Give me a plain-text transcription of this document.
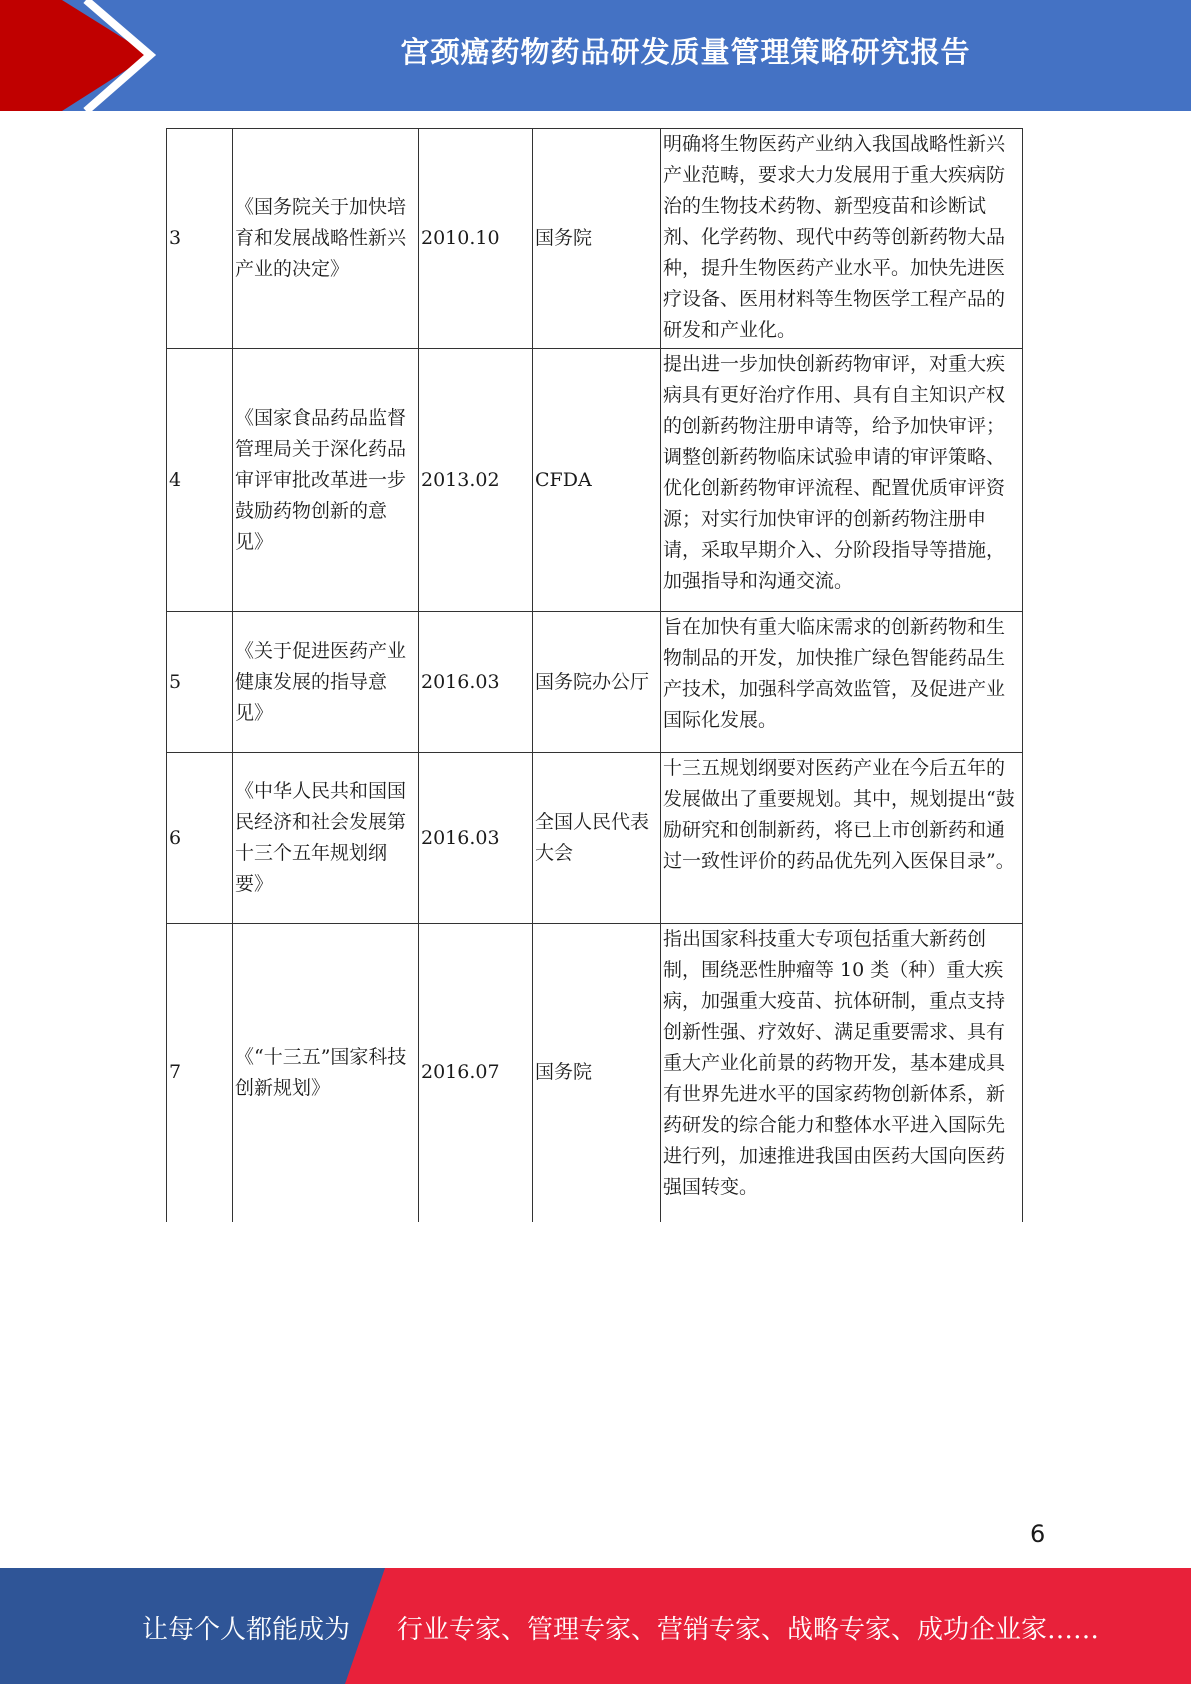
宫颈癌药物药品研发质量管理策略研究报告
3	《国务院关于加快培育和发展战略性新兴产业的决定》	2010.10	国务院	明确将生物医药产业纳入我国战略性新兴产业范畴，要求大力发展用于重大疾病防治的生物技术药物、新型疫苗和诊断试剂、化学药物、现代中药等创新药物大品种，提升生物医药产业水平。加快先进医疗设备、医用材料等生物医学工程产品的研发和产业化。
4	《国家食品药品监督管理局关于深化药品审评审批改革进一步鼓励药物创新的意见》	2013.02	CFDA	提出进一步加快创新药物审评，对重大疾病具有更好治疗作用、具有自主知识产权的创新药物注册申请等，给予加快审评；调整创新药物临床试验申请的审评策略、优化创新药物审评流程、配置优质审评资源；对实行加快审评的创新药物注册申请，采取早期介入、分阶段指导等措施，加强指导和沟通交流。
5	《关于促进医药产业健康发展的指导意见》	2016.03	国务院办公厅	旨在加快有重大临床需求的创新药物和生物制品的开发，加快推广绿色智能药品生产技术，加强科学高效监管，及促进产业国际化发展。
6	《中华人民共和国国民经济和社会发展第十三个五年规划纲要》	2016.03	全国人民代表大会	十三五规划纲要对医药产业在今后五年的发展做出了重要规划。其中，规划提出“鼓励研究和创制新药，将已上市创新药和通过一致性评价的药品优先列入医保目录”。
7	《“十三五”国家科技创新规划》	2016.07	国务院	指出国家科技重大专项包括重大新药创制，围绕恶性肿瘤等 10 类（种）重大疾病，加强重大疫苗、抗体研制，重点支持创新性强、疗效好、满足重要需求、具有重大产业化前景的药物开发，基本建成具有世界先进水平的国家药物创新体系，新药研发的综合能力和整体水平进入国际先进行列，加速推进我国由医药大国向医药强国转变。
6
让每个人都能成为 行业专家、管理专家、营销专家、战略专家、成功企业家……
